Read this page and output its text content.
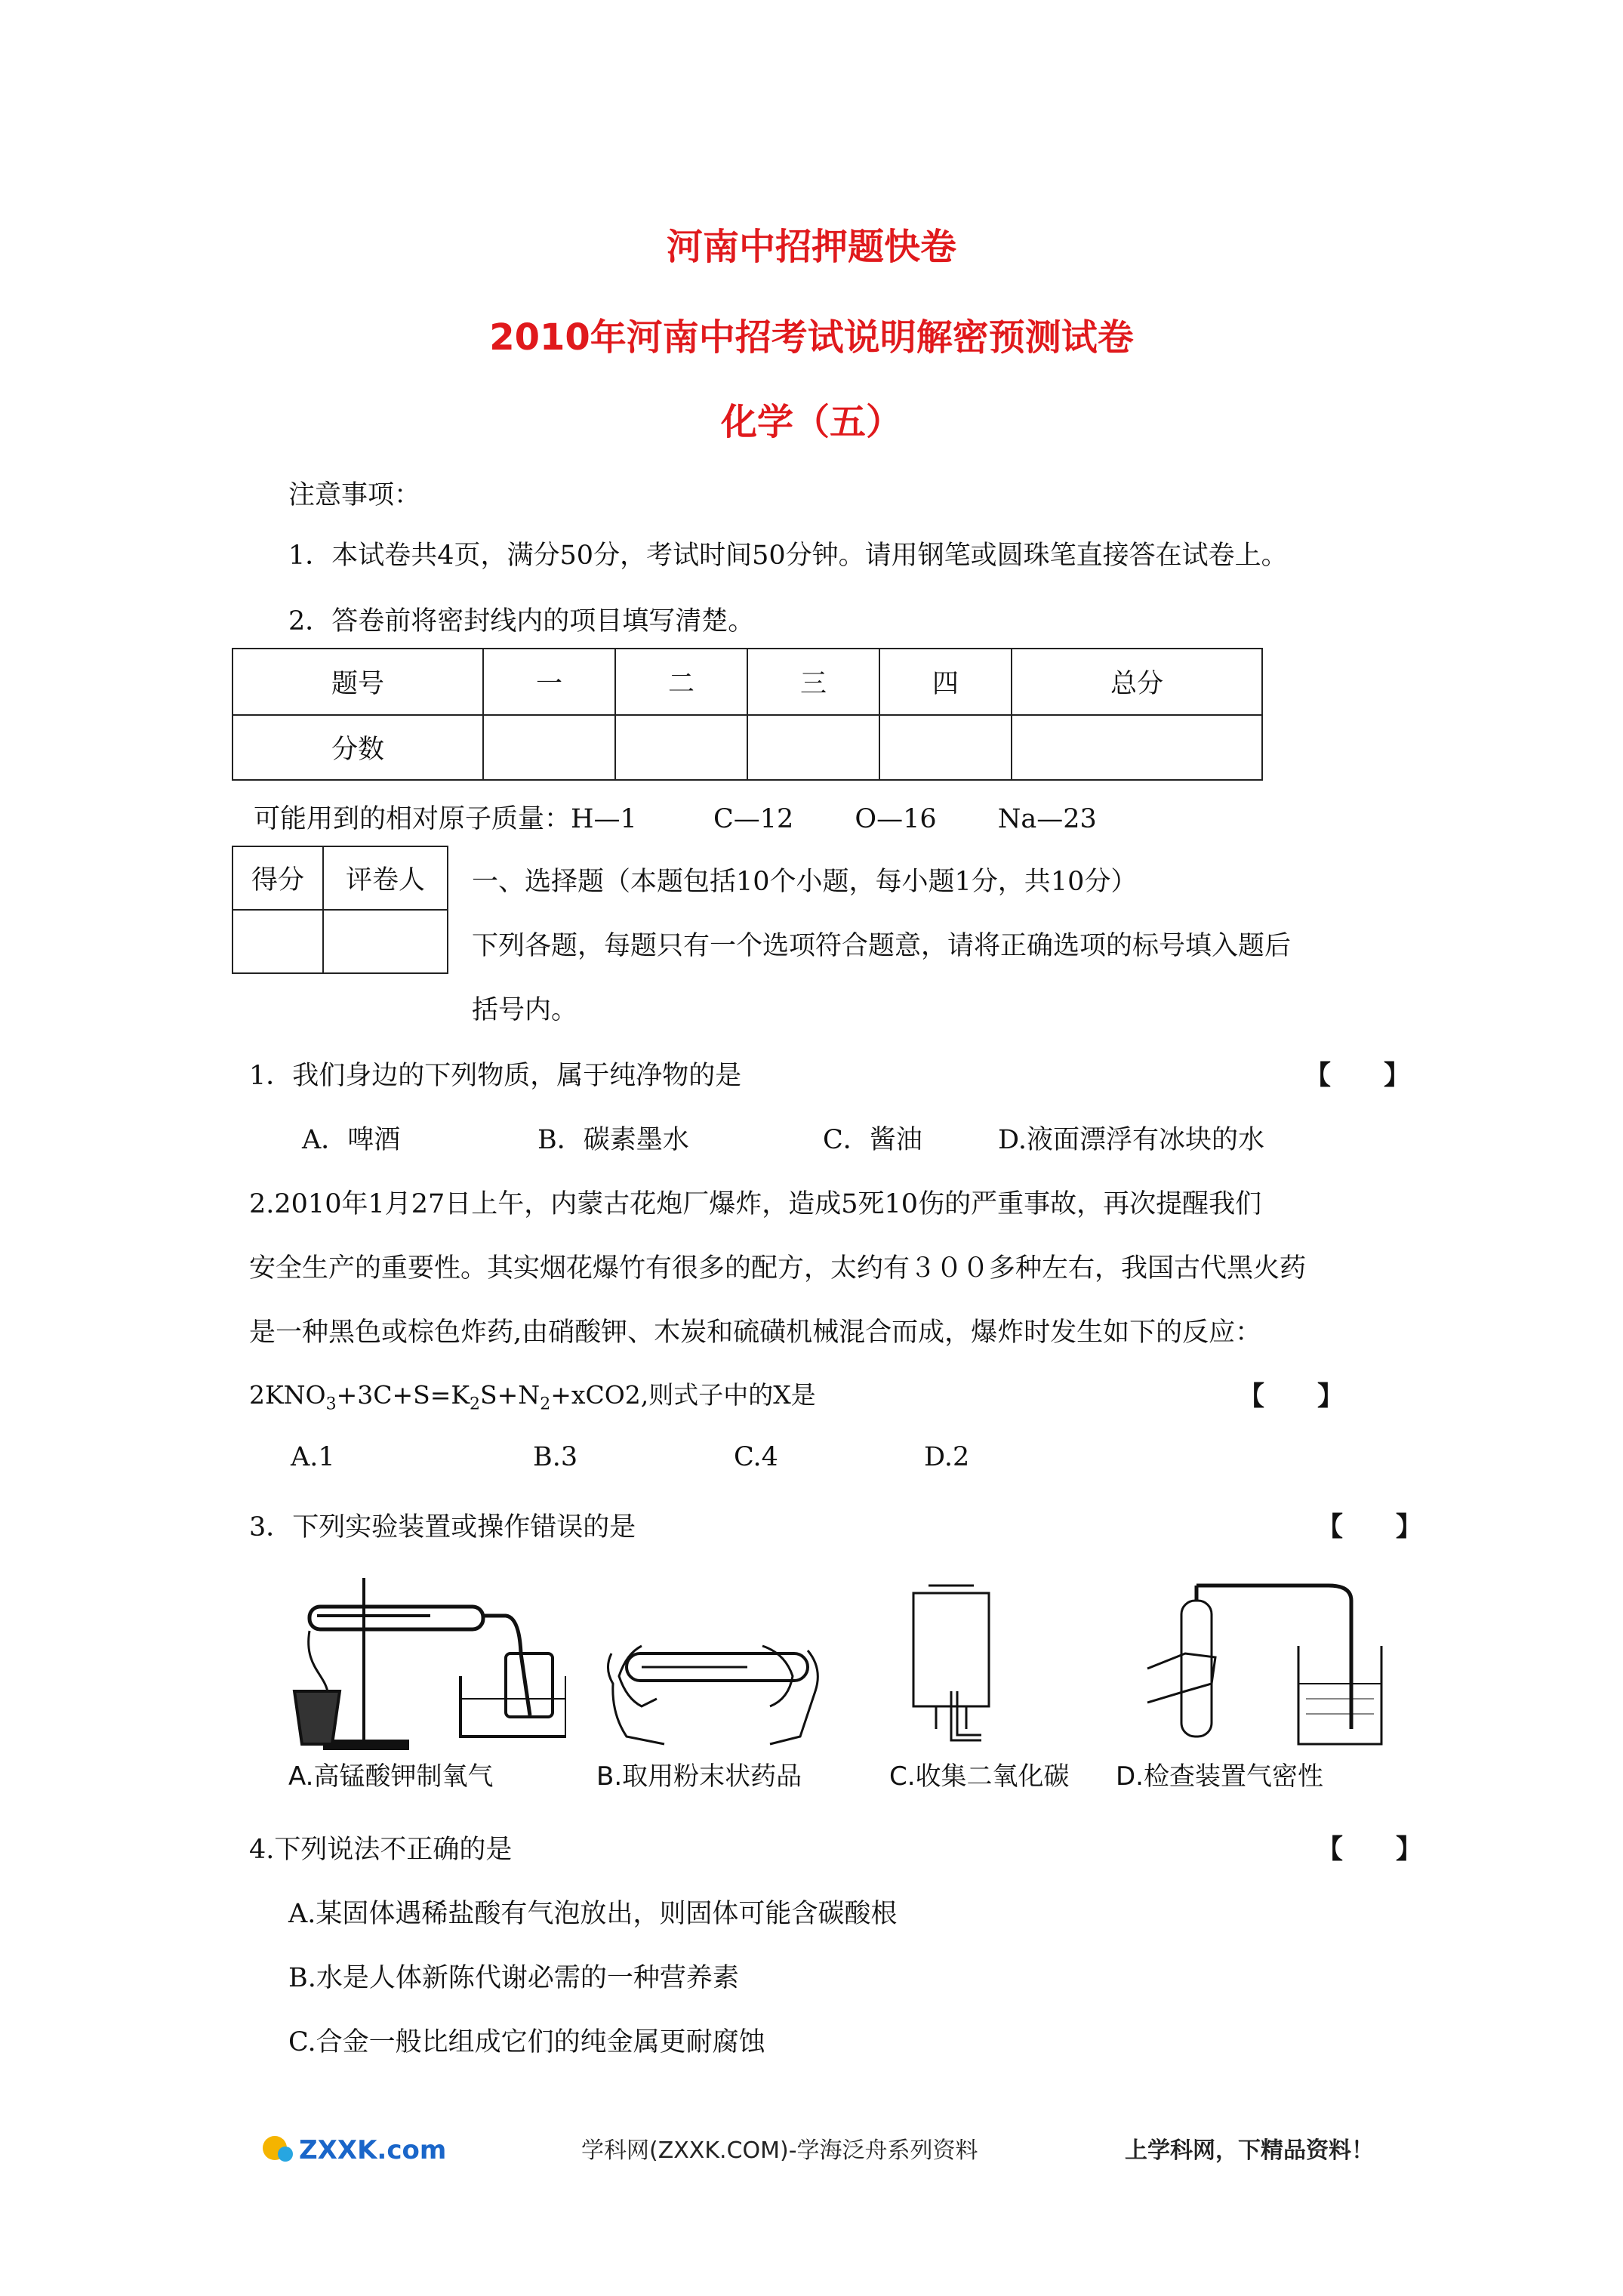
河南中招押题快卷
2010年河南中招考试说明解密预测试卷
化学（五）
注意事项：
1．本试卷共4页，满分50分，考试时间50分钟。请用钢笔或圆珠笔直接答在试卷上。
2．答卷前将密封线内的项目填写清楚。
题号	一	二	三	四	总分
分数					
可能用到的相对原子质量：H—1	C—12 O—16 Na—23
得分	评卷人
	一、选择题（本题包括10个小题，每小题1分，共10分）
下列各题，每题只有一个选项符合题意，请将正确选项的标号填入题后
括号内。
1．我们身边的下列物质，属于纯净物的是	【　　】
A．啤酒	B．碳素墨水	C．酱油	D.液面漂浮有冰块的水
2.2010年1月27日上午，内蒙古花炮厂爆炸，造成5死10伤的严重事故，再次提醒我们
安全生产的重要性。其实烟花爆竹有很多的配方，太约有３００多种左右，我国古代黑火药
是一种黑色或棕色炸药,由硝酸钾、木炭和硫磺机械混合而成，爆炸时发生如下的反应：
$2KNO_3+3C+S=K_2S+N_2+xCO2$,则式子中的X是	【　　】
A.1	B.3	C.4	D.2
3．下列实验装置或操作错误的是	【　　】
A.高锰酸钾制氧气	B.取用粉末状药品	C.收集二氧化碳 D.检查装置气密性
4.下列说法不正确的是	【　　】
A.某固体遇稀盐酸有气泡放出，则固体可能含碳酸根
B.水是人体新陈代谢必需的一种营养素
C.合金一般比组成它们的纯金属更耐腐蚀
ZXXK.com	学科网(ZXXK.COM)-学海泛舟系列资料	上学科网，下精品资料！
